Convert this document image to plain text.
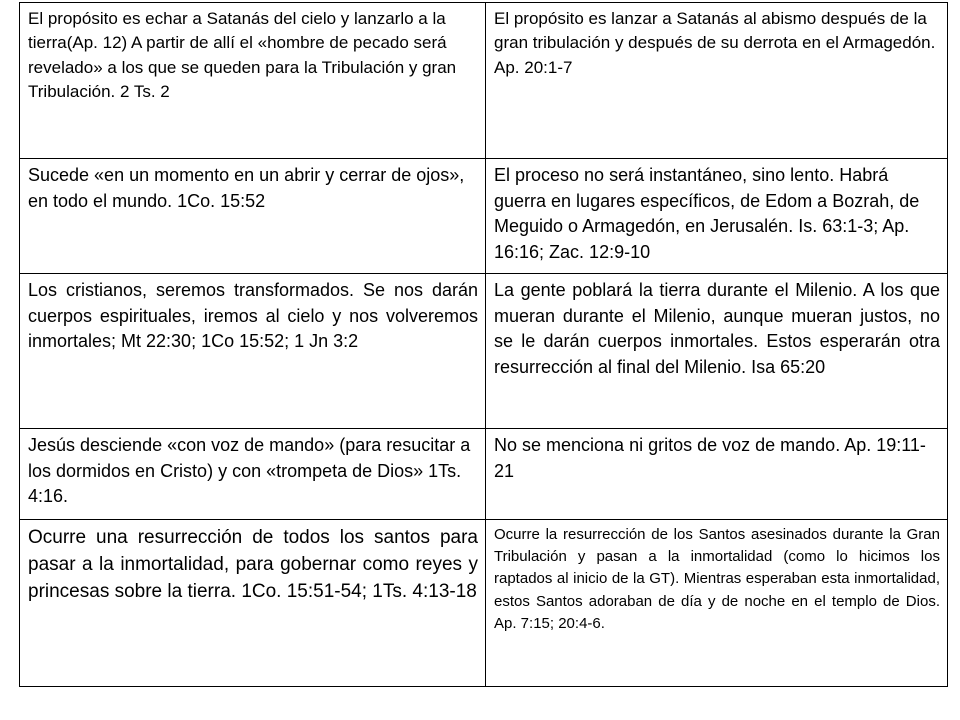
El propósito es echar a Satanás del cielo y lanzarlo a la tierra(Ap. 12) A partir de allí el «hombre de pecado será revelado» a los que se queden para la Tribulación y gran Tribulación. 2 Ts. 2	El propósito es lanzar a Satanás al abismo después de la gran tribulación y después de su derrota en el Armagedón. Ap. 20:1-7

Sucede «en un momento en un abrir y cerrar de ojos», en todo el mundo. 1Co. 15:52	El proceso no será instantáneo, sino lento. Habrá guerra en lugares específicos, de Edom a Bozrah, de Meguido o Armagedón, en Jerusalén. Is. 63:1-3; Ap. 16:16; Zac. 12:9-10

Los cristianos, seremos transformados. Se nos darán cuerpos espirituales, iremos al cielo y nos volveremos inmortales; Mt 22:30; 1Co 15:52; 1 Jn 3:2	La gente poblará la tierra durante el Milenio. A los que mueran durante el Milenio, aunque mueran justos, no se le darán cuerpos inmortales. Estos esperarán otra resurrección al final del Milenio. Isa 65:20

Jesús desciende «con voz de mando» (para resucitar a los dormidos en Cristo) y con «trompeta de Dios» 1Ts. 4:16.	No se menciona ni gritos de voz de mando. Ap. 19:11-21

Ocurre una resurrección de todos los santos para pasar a la inmortalidad, para gobernar como reyes y princesas sobre la tierra. 1Co. 15:51-54; 1Ts. 4:13-18	Ocurre la resurrección de los Santos asesinados durante la Gran Tribulación y pasan a la inmortalidad (como lo hicimos los raptados al inicio de la GT). Mientras esperaban esta inmortalidad, estos Santos adoraban de día y de noche en el templo de Dios. Ap. 7:15; 20:4-6.
